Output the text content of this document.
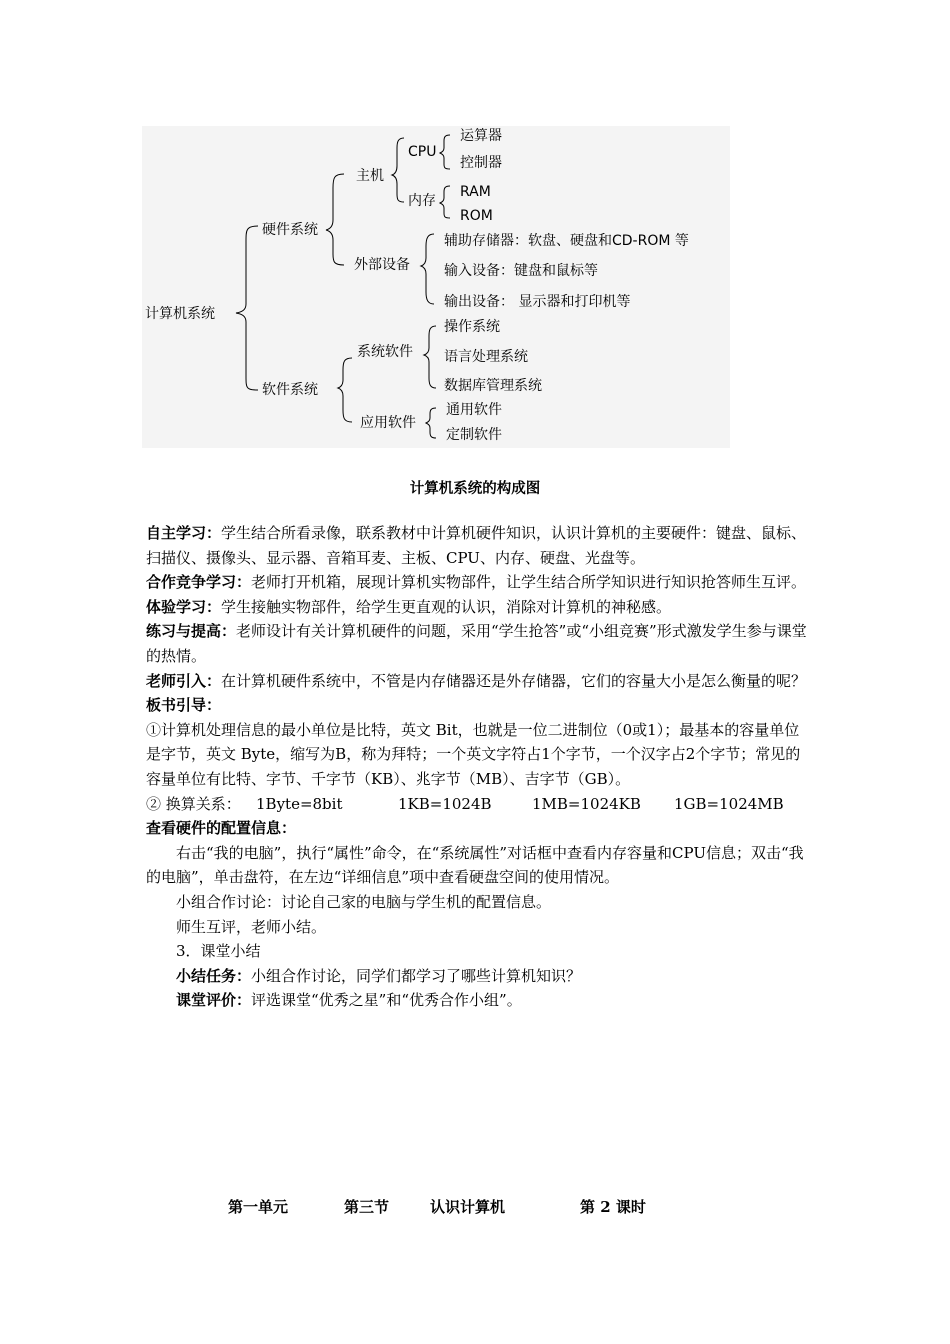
计算机系统
硬件系统
软件系统
主机
CPU
运算器
控制器
内存
RAM
ROM
外部设备
辅助存储器：软盘、硬盘和CD-ROM 等
输入设备：键盘和鼠标等
输出设备： 显示器和打印机等
系统软件
操作系统
语言处理系统
数据库管理系统
应用软件
通用软件
定制软件
计算机系统的构成图

自主学习：学生结合所看录像，联系教材中计算机硬件知识，认识计算机的主要硬件：键盘、鼠标、扫描仪、摄像头、显示器、音箱耳麦、主板、CPU、内存、硬盘、光盘等。

合作竞争学习：老师打开机箱，展现计算机实物部件，让学生结合所学知识进行知识抢答师生互评。

体验学习：学生接触实物部件，给学生更直观的认识，消除对计算机的神秘感。

练习与提高：老师设计有关计算机硬件的问题，采用“学生抢答”或“小组竞赛”形式激发学生参与课堂的热情。

老师引入：在计算机硬件系统中，不管是内存储器还是外存储器，它们的容量大小是怎么衡量的呢？

板书引导：

①计算机处理信息的最小单位是比特，英文 Bit，也就是一位二进制位（0或1）；最基本的容量单位是字节，英文 Byte，缩写为B，称为拜特；一个英文字符占1个字节，一个汉字占2个字节；常见的容量单位有比特、字节、千字节（KB）、兆字节（MB）、吉字节（GB）。

② 换算关系： 1Byte=8bit	1KB=1024B	1MB=1024KB 1GB=1024MB

查看硬件的配置信息：

右击“我的电脑”，执行“属性”命令，在“系统属性”对话框中查看内存容量和CPU信息；双击“我的电脑”，单击盘符，在左边“详细信息”项中查看硬盘空间的使用情况。

小组合作讨论：讨论自己家的电脑与学生机的配置信息。

师生互评，老师小结。

3．课堂小结

小结任务：小组合作讨论，同学们都学习了哪些计算机知识？

课堂评价：评选课堂“优秀之星”和“优秀合作小组”。

第一单元	第三节	认识计算机	第 2 课时
